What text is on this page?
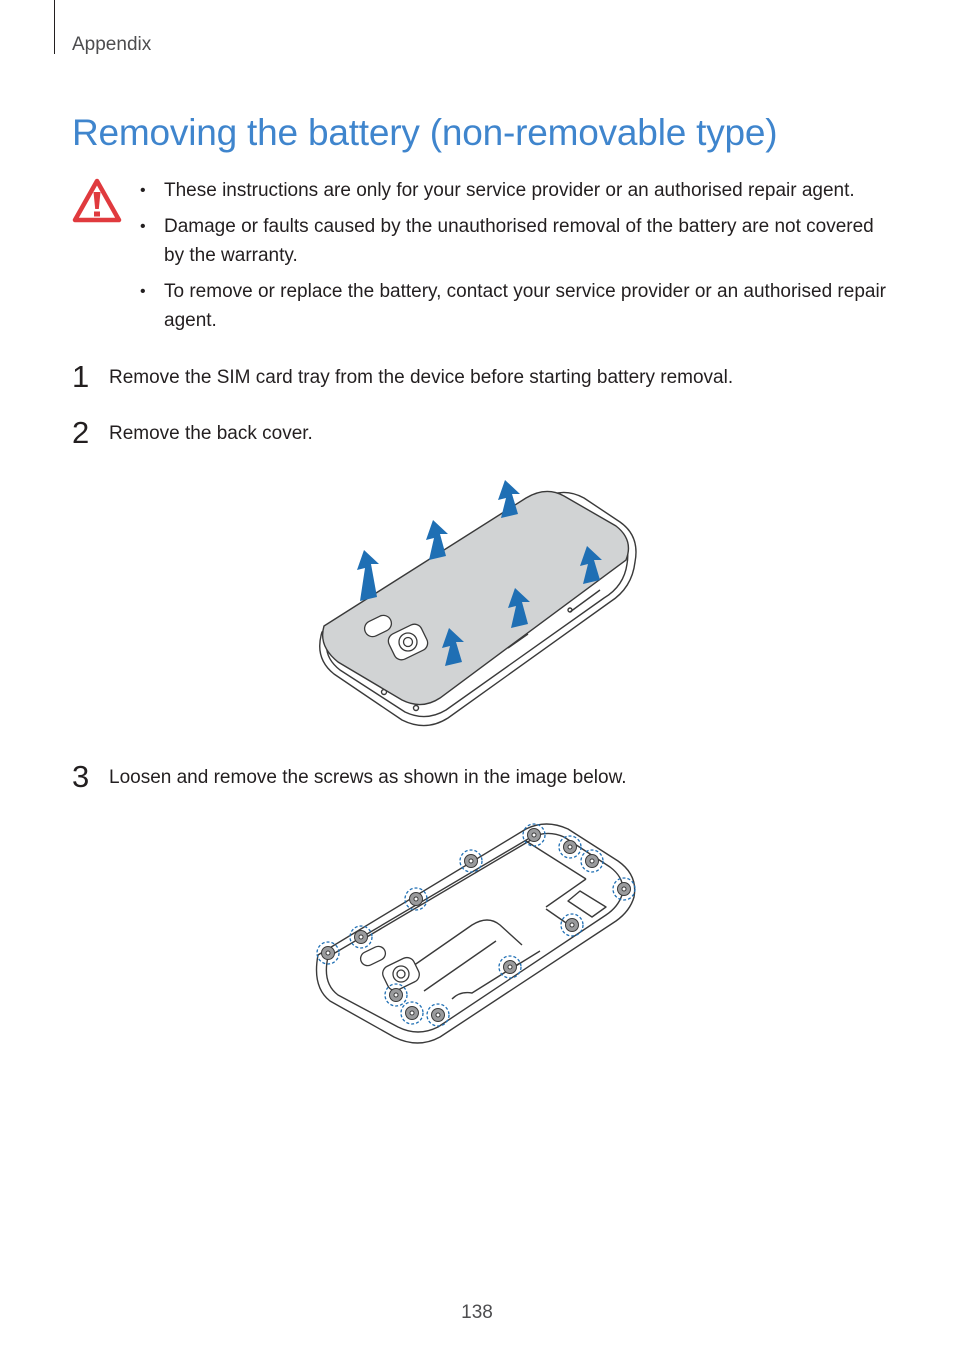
Appendix
Removing the battery (non-removable type)
• These instructions are only for your service provider or an authorised repair agent.
• Damage or faults caused by the unauthorised removal of the battery are not covered by the warranty.
• To remove or replace the battery, contact your service provider or an authorised repair agent.
1 Remove the SIM card tray from the device before starting battery removal.
2 Remove the back cover.
3 Loosen and remove the screws as shown in the image below.
138
